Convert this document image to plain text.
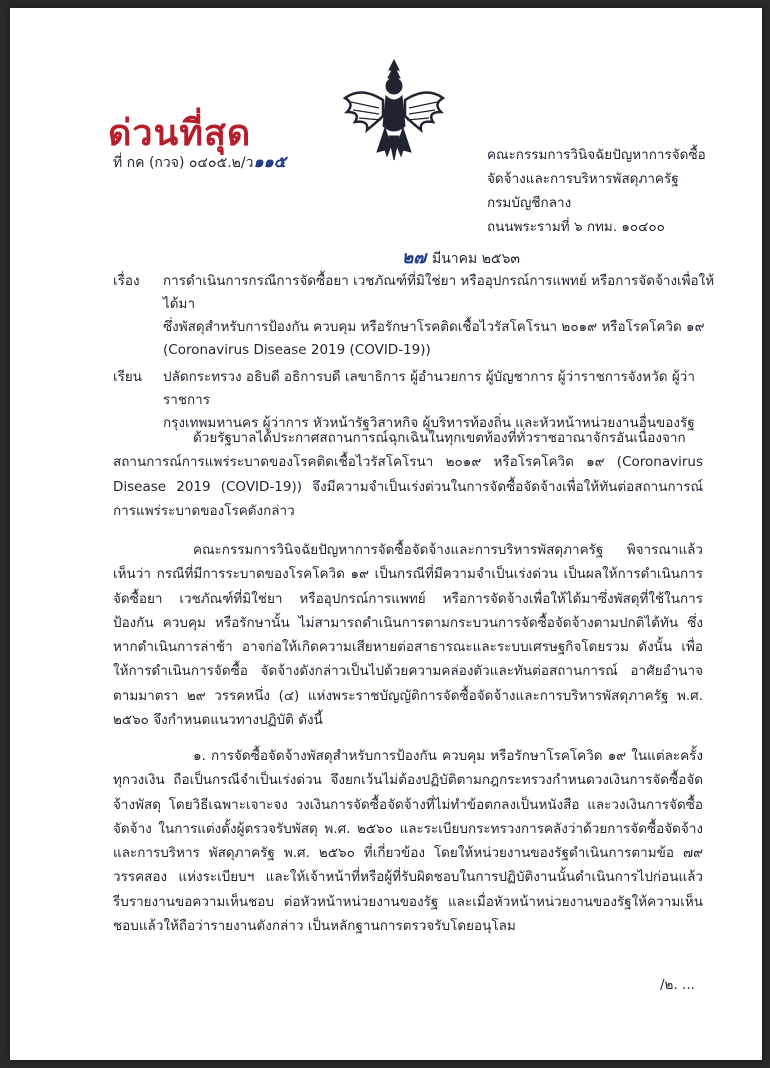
ด่วนที่สุด
ที่ กค (กวจ) ๐๔๐๕.๒/ว๑๑๕	คณะกรรมการวินิจฉัยปัญหาการจัดซื้อ
จัดจ้างและการบริหารพัสดุภาครัฐ
กรมบัญชีกลาง
ถนนพระรามที่ ๖ กทม. ๑๐๔๐๐
๒๗ มีนาคม ๒๕๖๓
เรื่อง	การดำเนินการกรณีการจัดซื้อยา เวชภัณฑ์ที่มิใช่ยา หรืออุปกรณ์การแพทย์ หรือการจัดจ้างเพื่อให้ได้มา
ซึ่งพัสดุสำหรับการป้องกัน ควบคุม หรือรักษาโรคติดเชื้อไวรัสโคโรนา ๒๐๑๙ หรือโรคโควิด ๑๙
(Coronavirus Disease 2019 (COVID-19))
เรียน	ปลัดกระทรวง อธิบดี อธิการบดี เลขาธิการ ผู้อำนวยการ ผู้บัญชาการ ผู้ว่าราชการจังหวัด ผู้ว่าราชการ
กรุงเทพมหานคร ผู้ว่าการ หัวหน้ารัฐวิสาหกิจ ผู้บริหารท้องถิ่น และหัวหน้าหน่วยงานอื่นของรัฐ

ด้วยรัฐบาลได้ประกาศสถานการณ์ฉุกเฉินในทุกเขตท้องที่ทั่วราชอาณาจักรอันเนื่องจาก สถานการณ์การแพร่ระบาดของโรคติดเชื้อไวรัสโคโรนา ๒๐๑๙ หรือโรคโควิด ๑๙ (Coronavirus Disease 2019 (COVID-19)) จึงมีความจำเป็นเร่งด่วนในการจัดซื้อจัดจ้างเพื่อให้ทันต่อสถานการณ์ การแพร่ระบาดของโรคดังกล่าว

คณะกรรมการวินิจฉัยปัญหาการจัดซื้อจัดจ้างและการบริหารพัสดุภาครัฐ พิจารณาแล้วเห็นว่า กรณีที่มีการระบาดของโรคโควิด ๑๙ เป็นกรณีที่มีความจำเป็นเร่งด่วน เป็นผลให้การดำเนินการจัดซื้อยา เวชภัณฑ์ที่มิใช่ยา หรืออุปกรณ์การแพทย์ หรือการจัดจ้างเพื่อให้ได้มาซึ่งพัสดุที่ใช้ในการป้องกัน ควบคุม หรือรักษานั้น ไม่สามารถดำเนินการตามกระบวนการจัดซื้อจัดจ้างตามปกติได้ทัน ซึ่งหากดำเนินการล่าช้า อาจก่อให้เกิดความเสียหายต่อสาธารณะและระบบเศรษฐกิจโดยรวม ดังนั้น เพื่อให้การดำเนินการจัดซื้อ จัดจ้างดังกล่าวเป็นไปด้วยความคล่องตัวและทันต่อสถานการณ์ อาศัยอำนาจตามมาตรา ๒๙ วรรคหนึ่ง (๔) แห่งพระราชบัญญัติการจัดซื้อจัดจ้างและการบริหารพัสดุภาครัฐ พ.ศ. ๒๕๖๐ จึงกำหนดแนวทางปฏิบัติ ดังนี้

๑. การจัดซื้อจัดจ้างพัสดุสำหรับการป้องกัน ควบคุม หรือรักษาโรคโควิด ๑๙ ในแต่ละครั้ง ทุกวงเงิน ถือเป็นกรณีจำเป็นเร่งด่วน จึงยกเว้นไม่ต้องปฏิบัติตามกฎกระทรวงกำหนดวงเงินการจัดซื้อจัดจ้างพัสดุ โดยวิธีเฉพาะเจาะจง วงเงินการจัดซื้อจัดจ้างที่ไม่ทำข้อตกลงเป็นหนังสือ และวงเงินการจัดซื้อจัดจ้าง ในการแต่งตั้งผู้ตรวจรับพัสดุ พ.ศ. ๒๕๖๐ และระเบียบกระทรวงการคลังว่าด้วยการจัดซื้อจัดจ้างและการบริหาร พัสดุภาครัฐ พ.ศ. ๒๕๖๐ ที่เกี่ยวข้อง โดยให้หน่วยงานของรัฐดำเนินการตามข้อ ๗๙ วรรคสอง แห่งระเบียบฯ และให้เจ้าหน้าที่หรือผู้ที่รับผิดชอบในการปฏิบัติงานนั้นดำเนินการไปก่อนแล้วรีบรายงานขอความเห็นชอบ ต่อหัวหน้าหน่วยงานของรัฐ และเมื่อหัวหน้าหน่วยงานของรัฐให้ความเห็นชอบแล้วให้ถือว่ารายงานดังกล่าว เป็นหลักฐานการตรวจรับโดยอนุโลม

/๒. ...
